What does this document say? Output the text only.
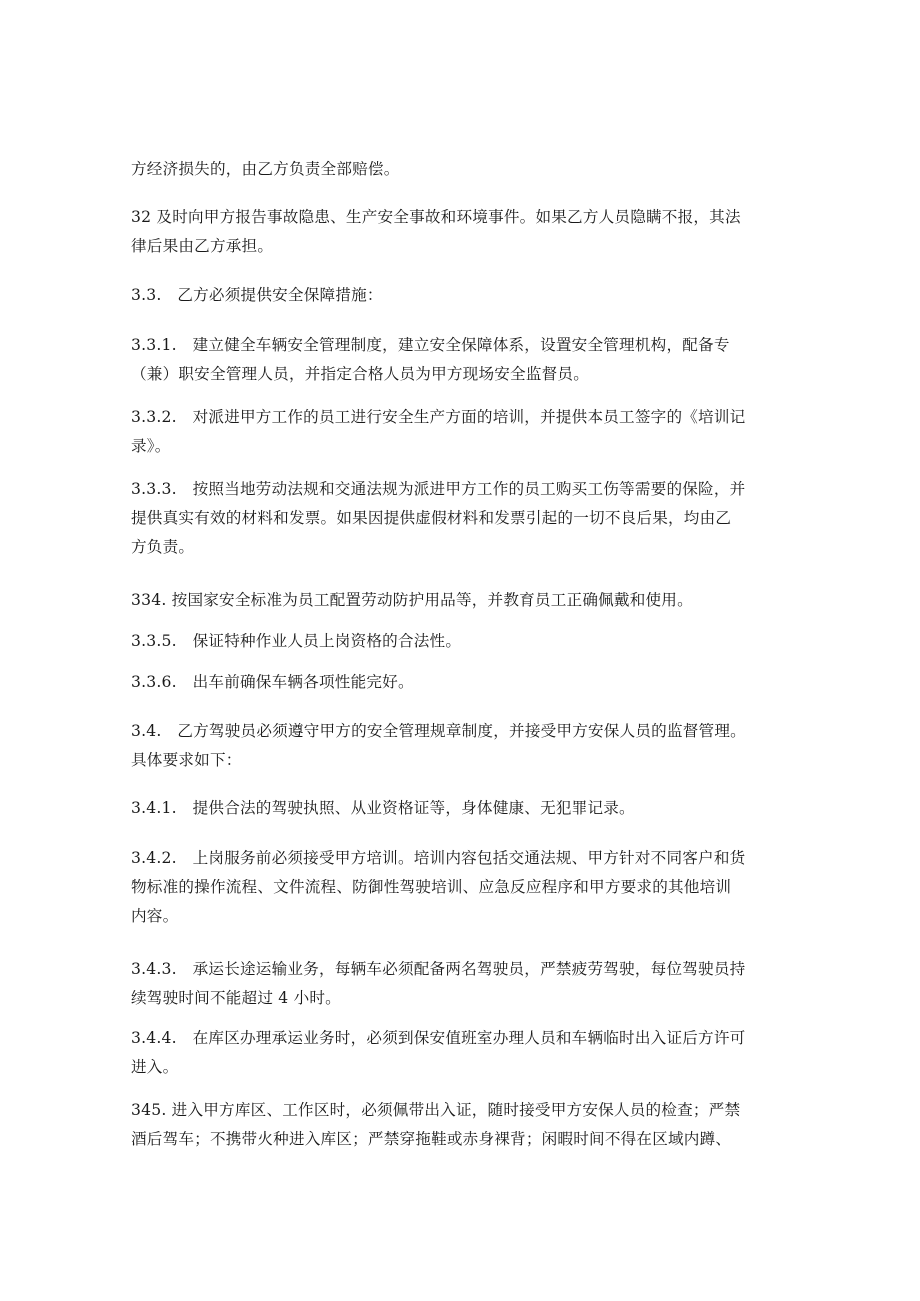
方经济损失的，由乙方负责全部赔偿。

32 及时向甲方报告事故隐患、生产安全事故和环境事件。如果乙方人员隐瞒不报，其法
律后果由乙方承担。

3.3.　乙方必须提供安全保障措施：

3.3.1.　建立健全车辆安全管理制度，建立安全保障体系，设置安全管理机构，配备专
（兼）职安全管理人员，并指定合格人员为甲方现场安全监督员。

3.3.2.　对派进甲方工作的员工进行安全生产方面的培训，并提供本员工签字的《培训记
录》。

3.3.3.　按照当地劳动法规和交通法规为派进甲方工作的员工购买工伤等需要的保险，并
提供真实有效的材料和发票。如果因提供虚假材料和发票引起的一切不良后果，均由乙
方负责。

334. 按国家安全标准为员工配置劳动防护用品等，并教育员工正确佩戴和使用。

3.3.5.　保证特种作业人员上岗资格的合法性。

3.3.6.　出车前确保车辆各项性能完好。

3.4.　乙方驾驶员必须遵守甲方的安全管理规章制度，并接受甲方安保人员的监督管理。
具体要求如下：

3.4.1.　提供合法的驾驶执照、从业资格证等，身体健康、无犯罪记录。

3.4.2.　上岗服务前必须接受甲方培训。培训内容包括交通法规、甲方针对不同客户和货
物标准的操作流程、文件流程、防御性驾驶培训、应急反应程序和甲方要求的其他培训
内容。

3.4.3.　承运长途运输业务，每辆车必须配备两名驾驶员，严禁疲劳驾驶，每位驾驶员持
续驾驶时间不能超过 4 小时。

3.4.4.　在库区办理承运业务时，必须到保安值班室办理人员和车辆临时出入证后方许可
进入。

345. 进入甲方库区、工作区时，必须佩带出入证，随时接受甲方安保人员的检查；严禁
酒后驾车；不携带火种进入库区；严禁穿拖鞋或赤身裸背；闲暇时间不得在区域内蹲、
